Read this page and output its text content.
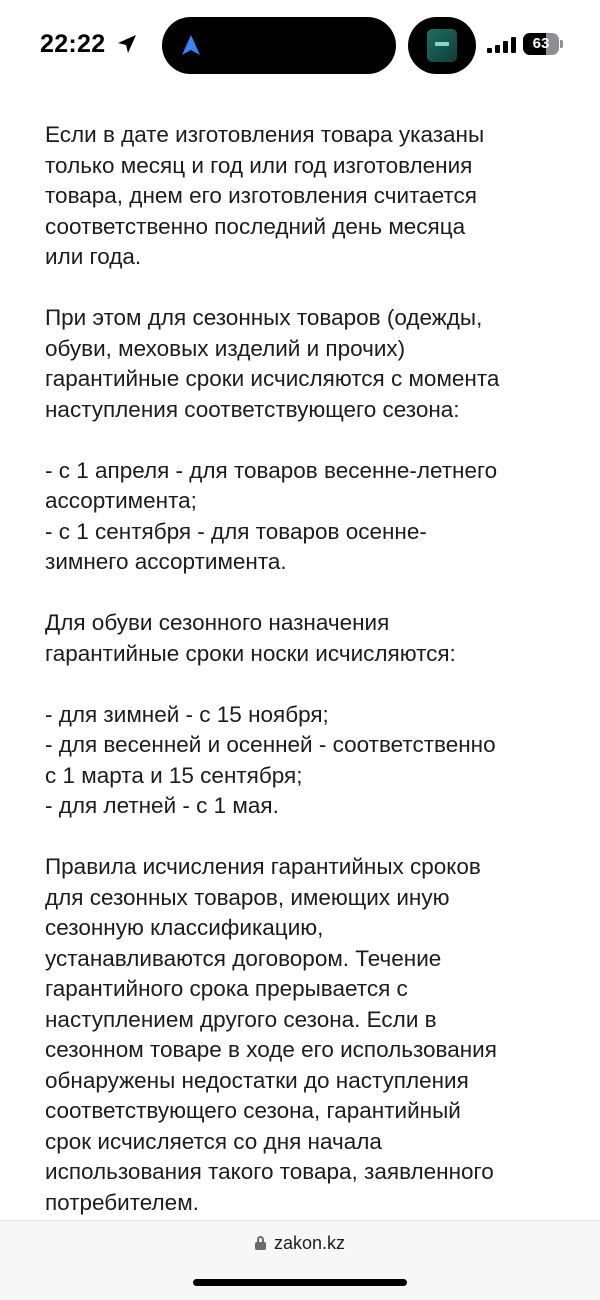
22:22	63

Если в дате изготовления товара указаны
только месяц и год или год изготовления
товара, днем его изготовления считается
соответственно последний день месяца
или года.

При этом для сезонных товаров (одежды,
обуви, меховых изделий и прочих)
гарантийные сроки исчисляются с момента
наступления соответствующего сезона:

- с 1 апреля - для товаров весенне-летнего
ассортимента;
- с 1 сентября - для товаров осенне-
зимнего ассортимента.

Для обуви сезонного назначения
гарантийные сроки носки исчисляются:

- для зимней - с 15 ноября;
- для весенней и осенней - соответственно
с 1 марта и 15 сентября;
- для летней - с 1 мая.

Правила исчисления гарантийных сроков
для сезонных товаров, имеющих иную
сезонную классификацию,
устанавливаются договором. Течение
гарантийного срока прерывается с
наступлением другого сезона. Если в
сезонном товаре в ходе его использования
обнаружены недостатки до наступления
соответствующего сезона, гарантийный
срок исчисляется со дня начала
использования такого товара, заявленного
потребителем.

zakon.kz
